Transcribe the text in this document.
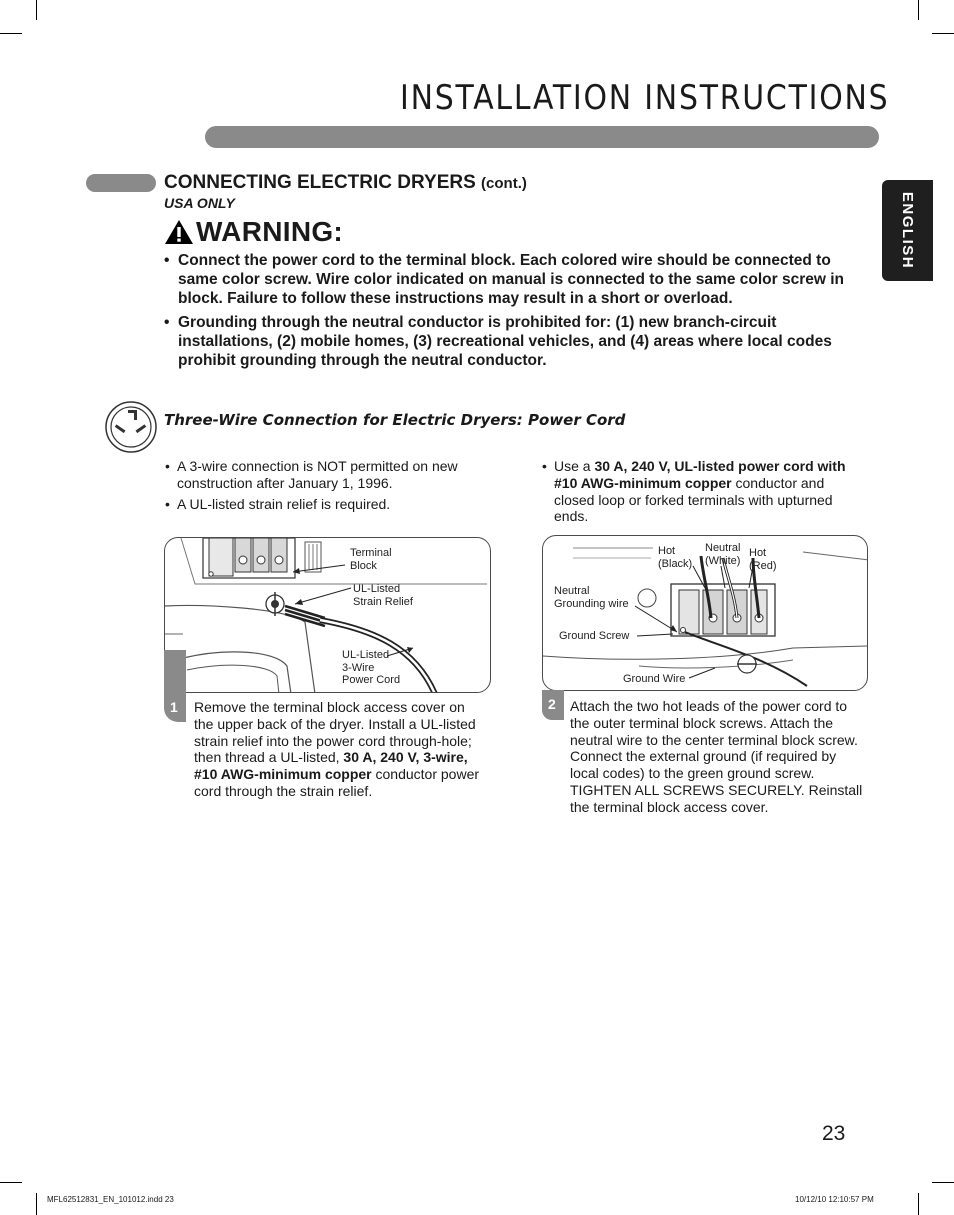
INSTALLATION INSTRUCTIONS
ENGLISH
CONNECTING ELECTRIC DRYERS (cont.)
USA ONLY
WARNING:
• Connect the power cord to the terminal block. Each colored wire should be connected to same color screw. Wire color indicated on manual is connected to the same color screw in block. Failure to follow these instructions may result in a short or overload.
• Grounding through the neutral conductor is prohibited for: (1) new branch-circuit installations, (2) mobile homes, (3) recreational vehicles, and (4) areas where local codes prohibit grounding through the neutral conductor.
Three-Wire Connection for Electric Dryers: Power Cord
• A 3-wire connection is NOT permitted on new construction after January 1, 1996.
• A UL-listed strain relief is required.
• Use a 30 A, 240 V, UL-listed power cord with #10 AWG-minimum copper conductor and closed loop or forked terminals with upturned ends.
Terminal
Block
UL-Listed
Strain Relief
UL-Listed
3-Wire
Power Cord
1 Remove the terminal block access cover on the upper back of the dryer. Install a UL-listed strain relief into the power cord through-hole; then thread a UL-listed, 30 A, 240 V, 3-wire, #10 AWG-minimum copper conductor power cord through the strain relief.
Hot
(Black)
Neutral
(White)
Hot
(Red)
Neutral
Grounding wire
Ground Screw
Ground Wire
2 Attach the two hot leads of the power cord to the outer terminal block screws. Attach the neutral wire to the center terminal block screw. Connect the external ground (if required by local codes) to the green ground screw. TIGHTEN ALL SCREWS SECURELY. Reinstall the terminal block access cover.
23
MFL62512831_EN_101012.indd 23	10/12/10 12:10:57 PM
